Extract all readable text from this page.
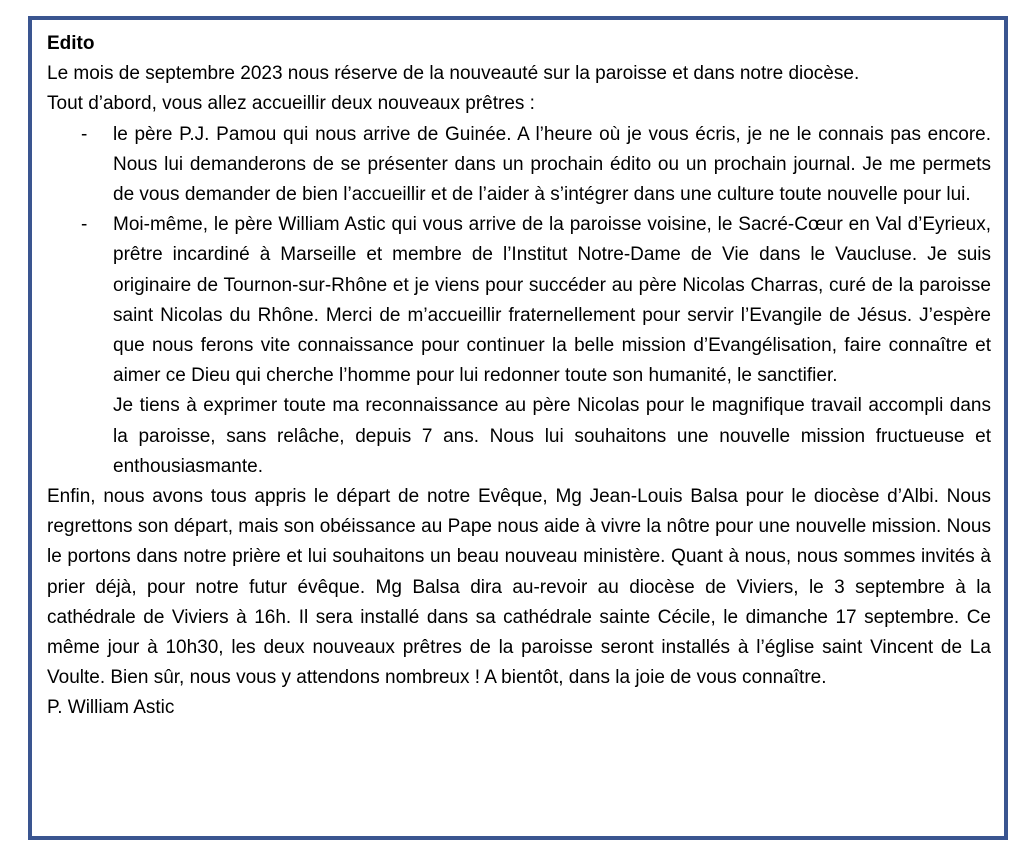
Edito

Le mois de septembre 2023 nous réserve de la nouveauté sur la paroisse et dans notre diocèse.

Tout d’abord, vous allez accueillir deux nouveaux prêtres :

- le père P.J. Pamou qui nous arrive de Guinée. A l’heure où je vous écris, je ne le connais pas encore. Nous lui demanderons de se présenter dans un prochain édito ou un prochain journal. Je me permets de vous demander de bien l’accueillir et de l’aider à s’intégrer dans une culture toute nouvelle pour lui.
- Moi-même, le père William Astic qui vous arrive de la paroisse voisine, le Sacré-Cœur en Val d’Eyrieux, prêtre incardiné à Marseille et membre de l’Institut Notre-Dame de Vie dans le Vaucluse. Je suis originaire de Tournon-sur-Rhône et je viens pour succéder au père Nicolas Charras, curé de la paroisse saint Nicolas du Rhône. Merci de m’accueillir fraternellement pour servir l’Evangile de Jésus. J’espère que nous ferons vite connaissance pour continuer la belle mission d’Evangélisation, faire connaître et aimer ce Dieu qui cherche l’homme pour lui redonner toute son humanité, le sanctifier.

Je tiens à exprimer toute ma reconnaissance au père Nicolas pour le magnifique travail accompli dans la paroisse, sans relâche, depuis 7 ans. Nous lui souhaitons une nouvelle mission fructueuse et enthousiasmante.

Enfin, nous avons tous appris le départ de notre Evêque, Mg Jean-Louis Balsa pour le diocèse d’Albi. Nous regrettons son départ, mais son obéissance au Pape nous aide à vivre la nôtre pour une nouvelle mission. Nous le portons dans notre prière et lui souhaitons un beau nouveau ministère. Quant à nous, nous sommes invités à prier déjà, pour notre futur évêque. Mg Balsa dira au-revoir au diocèse de Viviers, le 3 septembre à la cathédrale de Viviers à 16h. Il sera installé dans sa cathédrale sainte Cécile, le dimanche 17 septembre. Ce même jour à 10h30, les deux nouveaux prêtres de la paroisse seront installés à l’église saint Vincent de La Voulte. Bien sûr, nous vous y attendons nombreux ! A bientôt, dans la joie de vous connaître.

P. William Astic
